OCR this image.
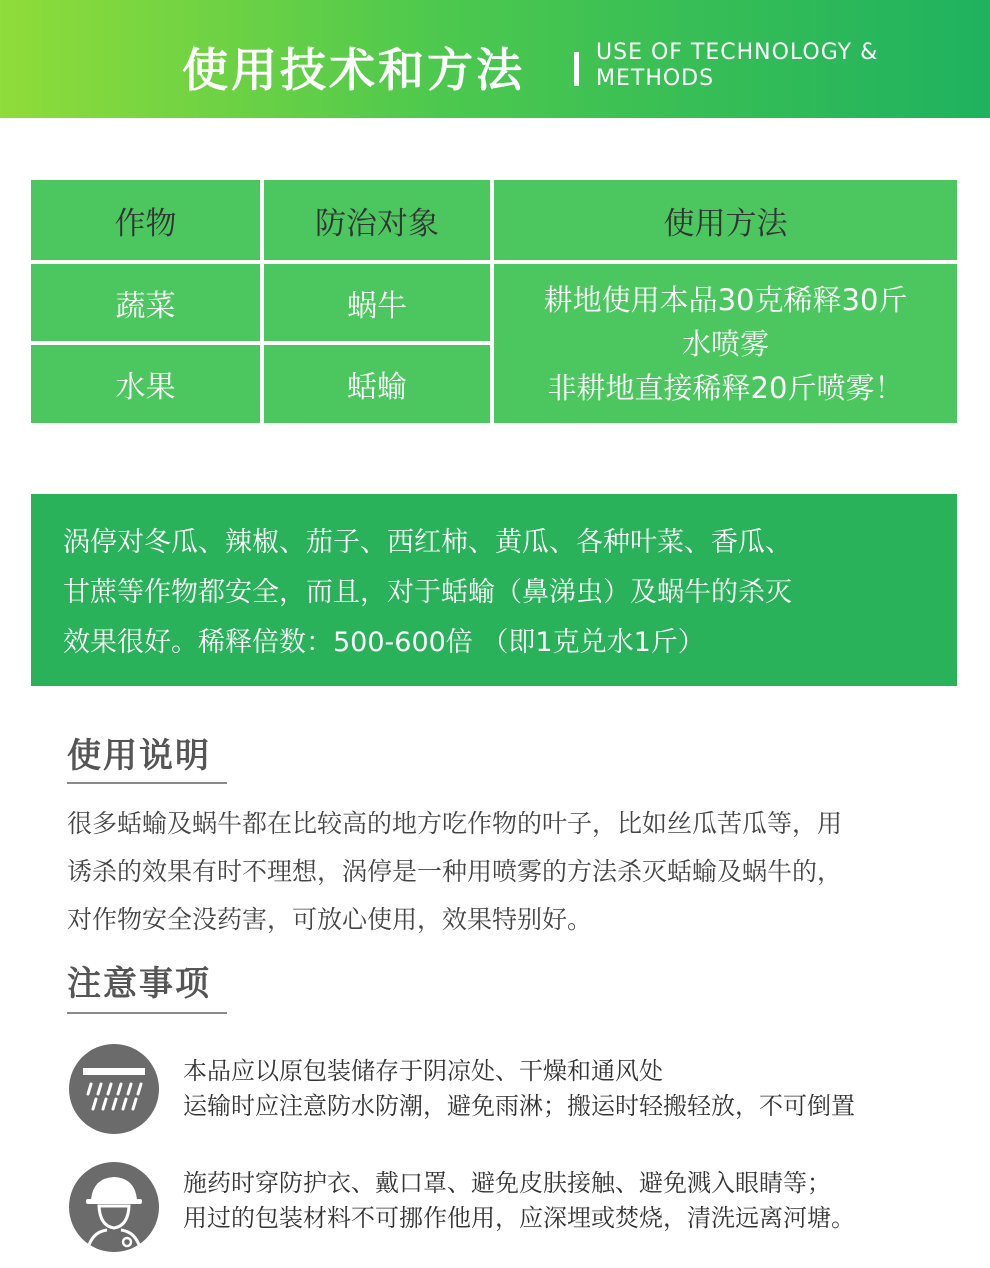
使用技术和方法	USE OF TECHNOLOGY &
METHODS
作物	防治对象	使用方法
蔬菜	蜗牛
水果	蛞蝓
耕地使用本品30克稀释30斤
水喷雾
非耕地直接稀释20斤喷雾！
涡停对冬瓜、辣椒、茄子、西红柿、黄瓜、各种叶菜、香瓜、
甘蔗等作物都安全，而且，对于蛞蝓（鼻涕虫）及蜗牛的杀灭
效果很好。稀释倍数：500-600倍 （即1克兑水1斤）
使用说明
很多蛞蝓及蜗牛都在比较高的地方吃作物的叶子，比如丝瓜苦瓜等，用
诱杀的效果有时不理想，涡停是一种用喷雾的方法杀灭蛞蝓及蜗牛的，
对作物安全没药害，可放心使用，效果特别好。
注意事项
本品应以原包装储存于阴凉处、干燥和通风处
运输时应注意防水防潮，避免雨淋；搬运时轻搬轻放，不可倒置
施药时穿防护衣、戴口罩、避免皮肤接触、避免溅入眼睛等；
用过的包装材料不可挪作他用，应深埋或焚烧，清洗远离河塘。
